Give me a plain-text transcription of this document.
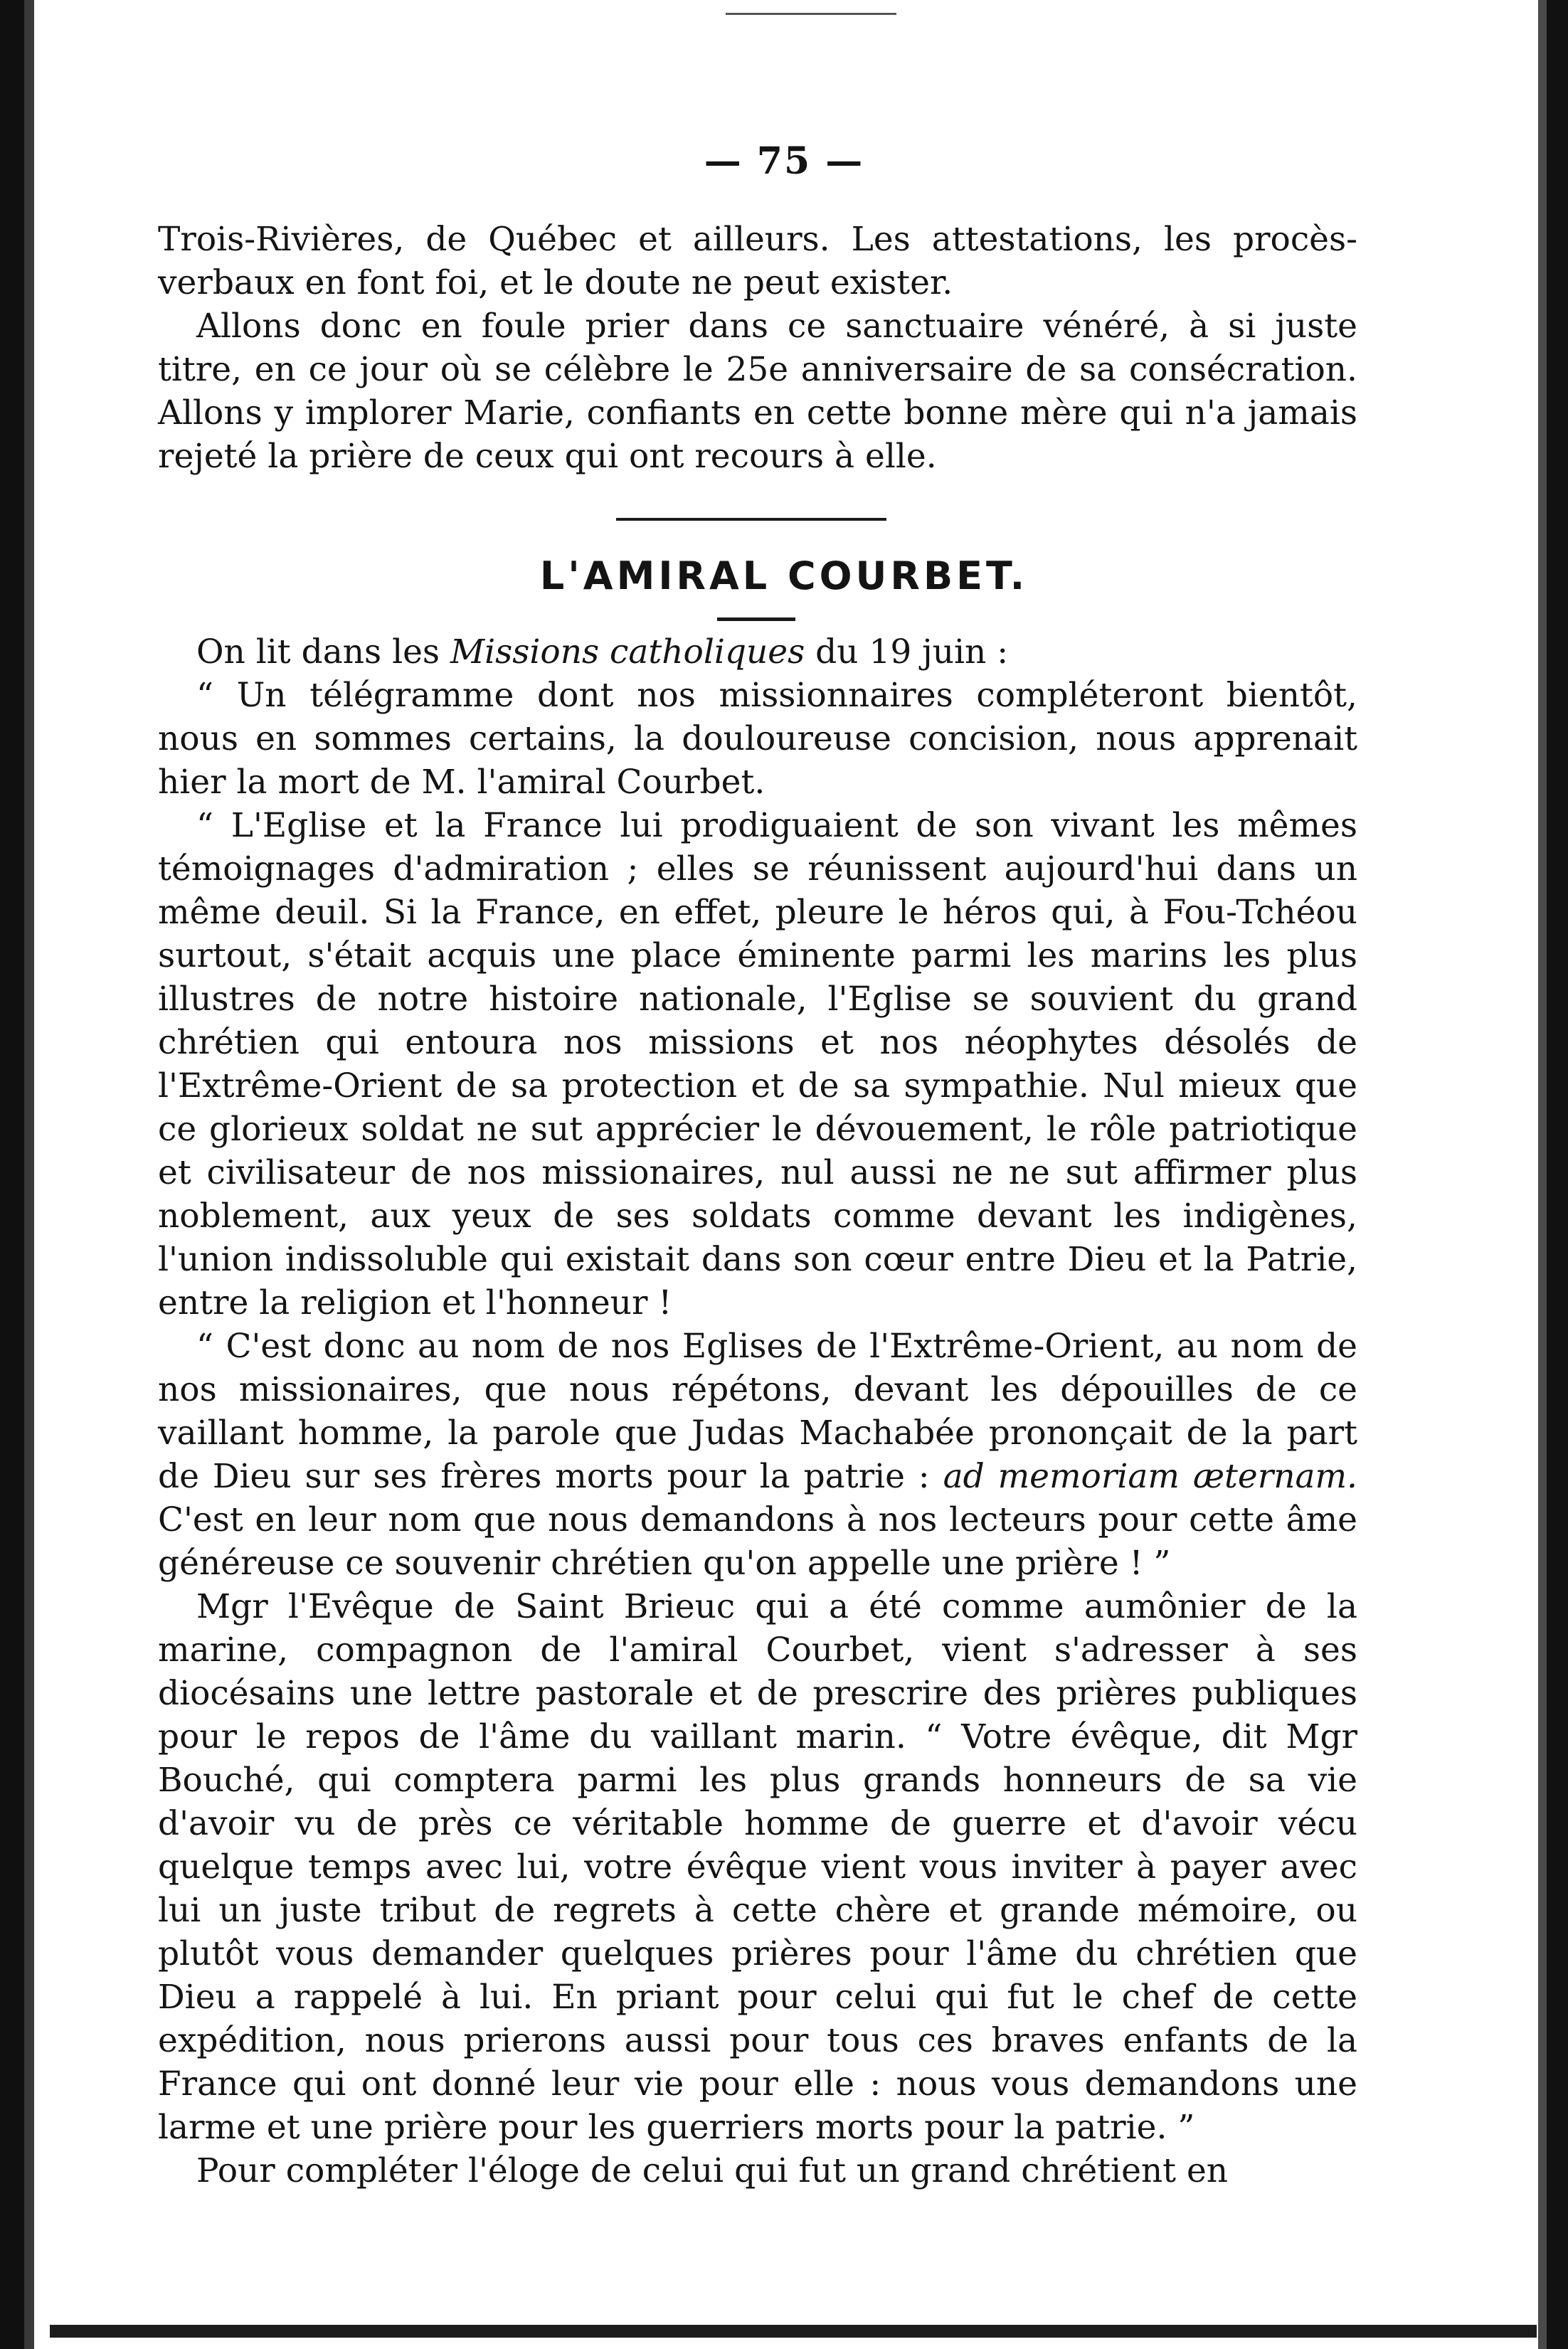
— 75 —

Trois-Rivières, de Québec et ailleurs. Les attestations, les procès-verbaux en font foi, et le doute ne peut exister.

Allons donc en foule prier dans ce sanctuaire vénéré, à si juste titre, en ce jour où se célèbre le 25e anniversaire de sa consécration. Allons y implorer Marie, confiants en cette bonne mère qui n'a jamais rejeté la prière de ceux qui ont recours à elle.

L'AMIRAL COURBET.

On lit dans les Missions catholiques du 19 juin :

“ Un télégramme dont nos missionnaires compléteront bientôt, nous en sommes certains, la douloureuse concision, nous apprenait hier la mort de M. l'amiral Courbet.

“ L'Eglise et la France lui prodiguaient de son vivant les mêmes témoignages d'admiration ; elles se réunissent aujourd'hui dans un même deuil. Si la France, en effet, pleure le héros qui, à Fou-Tchéou surtout, s'était acquis une place éminente parmi les marins les plus illustres de notre histoire nationale, l'Eglise se souvient du grand chrétien qui entoura nos missions et nos néophytes désolés de l'Extrême-Orient de sa protection et de sa sympathie. Nul mieux que ce glorieux soldat ne sut apprécier le dévouement, le rôle patriotique et civilisateur de nos missionaires, nul aussi ne ne sut affirmer plus noblement, aux yeux de ses soldats comme devant les indigènes, l'union indissoluble qui existait dans son cœur entre Dieu et la Patrie, entre la religion et l'honneur !

“ C'est donc au nom de nos Eglises de l'Extrême-Orient, au nom de nos missionaires, que nous répétons, devant les dépouilles de ce vaillant homme, la parole que Judas Machabée prononçait de la part de Dieu sur ses frères morts pour la patrie : ad memoriam æternam. C'est en leur nom que nous demandons à nos lecteurs pour cette âme généreuse ce souvenir chrétien qu'on appelle une prière ! ”

Mgr l'Evêque de Saint Brieuc qui a été comme aumônier de la marine, compagnon de l'amiral Courbet, vient s'adresser à ses diocésains une lettre pastorale et de prescrire des prières publiques pour le repos de l'âme du vaillant marin. “ Votre évêque, dit Mgr Bouché, qui comptera parmi les plus grands honneurs de sa vie d'avoir vu de près ce véritable homme de guerre et d'avoir vécu quelque temps avec lui, votre évêque vient vous inviter à payer avec lui un juste tribut de regrets à cette chère et grande mémoire, ou plutôt vous demander quelques prières pour l'âme du chrétien que Dieu a rappelé à lui. En priant pour celui qui fut le chef de cette expédition, nous prierons aussi pour tous ces braves enfants de la France qui ont donné leur vie pour elle : nous vous demandons une larme et une prière pour les guerriers morts pour la patrie. ”

Pour compléter l'éloge de celui qui fut un grand chrétient en
